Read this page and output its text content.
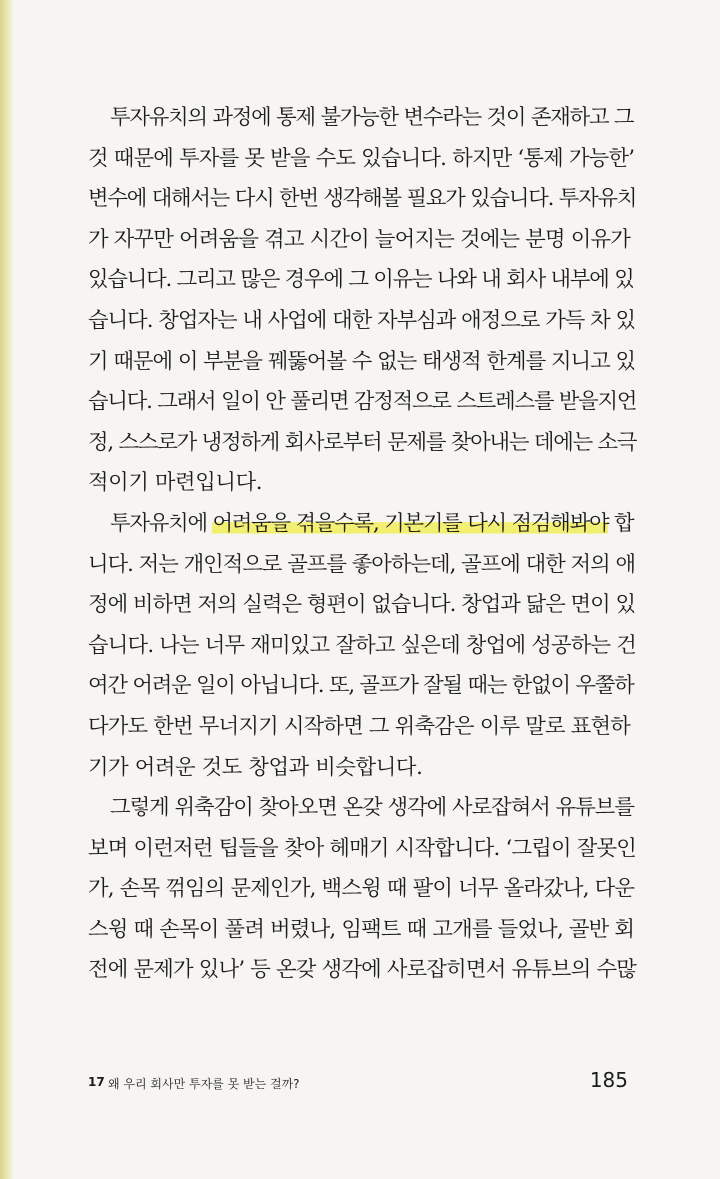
투자유치의 과정에 통제 불가능한 변수라는 것이 존재하고 그
것 때문에 투자를 못 받을 수도 있습니다. 하지만 ‘통제 가능한’
변수에 대해서는 다시 한번 생각해볼 필요가 있습니다. 투자유치
가 자꾸만 어려움을 겪고 시간이 늘어지는 것에는 분명 이유가
있습니다. 그리고 많은 경우에 그 이유는 나와 내 회사 내부에 있
습니다. 창업자는 내 사업에 대한 자부심과 애정으로 가득 차 있
기 때문에 이 부분을 꿰뚫어볼 수 없는 태생적 한계를 지니고 있
습니다. 그래서 일이 안 풀리면 감정적으로 스트레스를 받을지언
정, 스스로가 냉정하게 회사로부터 문제를 찾아내는 데에는 소극
적이기 마련입니다.
투자유치에 어려움을 겪을수록, 기본기를 다시 점검해봐야 합
니다. 저는 개인적으로 골프를 좋아하는데, 골프에 대한 저의 애
정에 비하면 저의 실력은 형편이 없습니다. 창업과 닮은 면이 있
습니다. 나는 너무 재미있고 잘하고 싶은데 창업에 성공하는 건
여간 어려운 일이 아닙니다. 또, 골프가 잘될 때는 한없이 우쭐하
다가도 한번 무너지기 시작하면 그 위축감은 이루 말로 표현하
기가 어려운 것도 창업과 비슷합니다.
그렇게 위축감이 찾아오면 온갖 생각에 사로잡혀서 유튜브를
보며 이런저런 팁들을 찾아 헤매기 시작합니다. ‘그립이 잘못인
가, 손목 꺾임의 문제인가, 백스윙 때 팔이 너무 올라갔나, 다운
스윙 때 손목이 풀려 버렸나, 임팩트 때 고개를 들었나, 골반 회
전에 문제가 있나’ 등 온갖 생각에 사로잡히면서 유튜브의 수많
17 왜 우리 회사만 투자를 못 받는 걸까?	185
